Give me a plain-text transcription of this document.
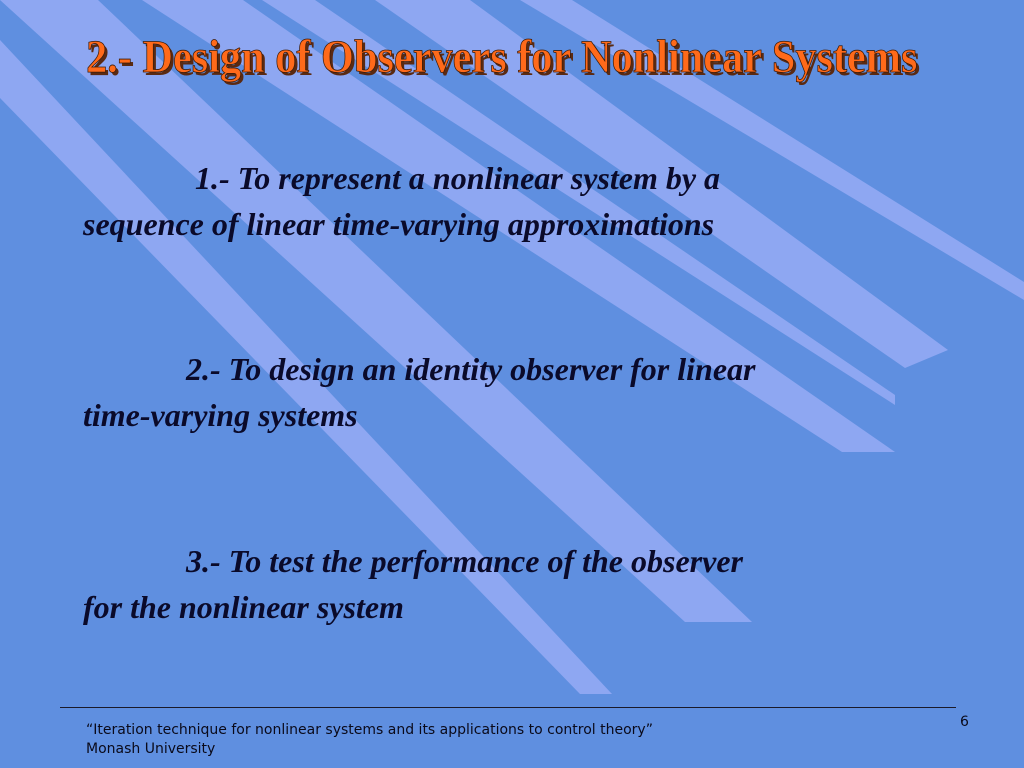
2.- Design of Observers for Nonlinear Systems

1.- To represent a nonlinear system by a
sequence of linear time-varying approximations

2.- To design an identity observer for linear
time-varying systems

3.- To test the performance of the observer
for the nonlinear system

“Iteration technique for nonlinear systems and its applications to control theory”
Monash University
6
